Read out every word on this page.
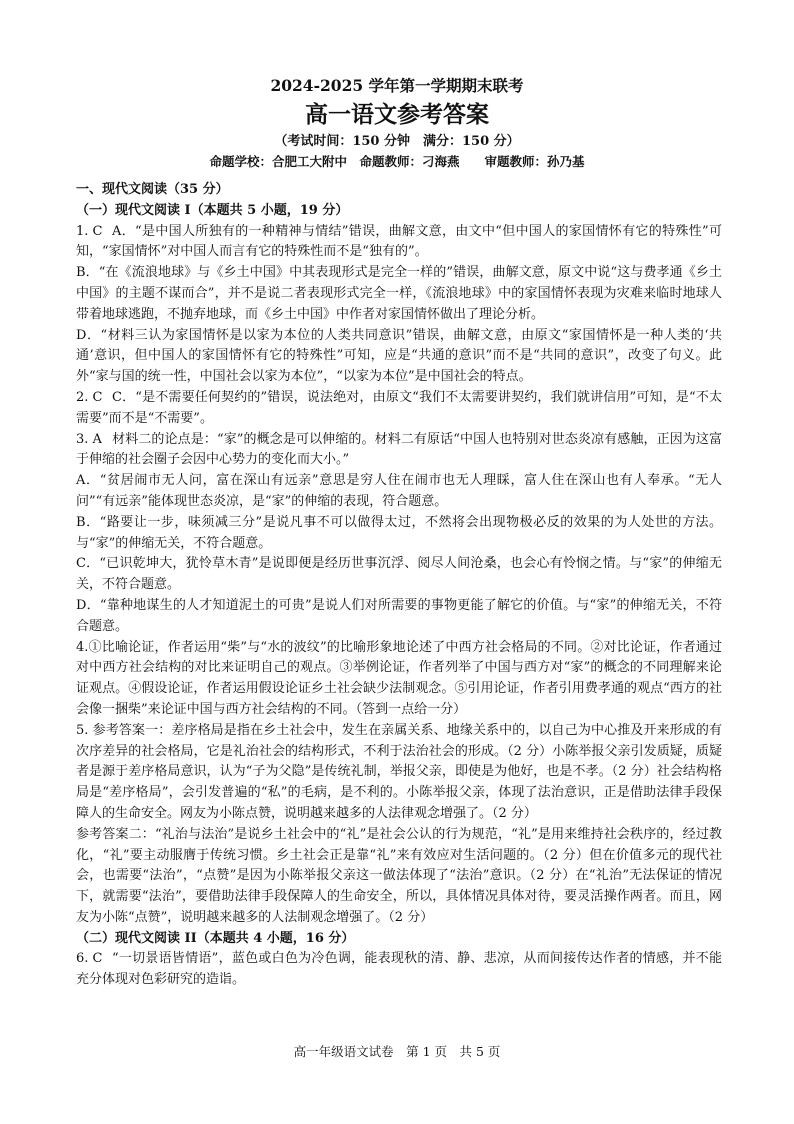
2024-2025 学年第一学期期末联考

高一语文参考答案

（考试时间：150 分钟　满分：150 分）

命题学校：合肥工大附中　命题教师：刁海燕　　审题教师：孙乃基

一、现代文阅读（35 分）

（一）现代文阅读 I（本题共 5 小题，19 分）

1. C A．“是中国人所独有的一种精神与情结”错误，曲解文意，由文中“但中国人的家国情怀有它的特殊性”可知，“家国情怀”对中国人而言有它的特殊性而不是“独有的”。

B．“在《流浪地球》与《乡土中国》中其表现形式是完全一样的”错误，曲解文意，原文中说“这与费孝通《乡土中国》的主题不谋而合”，并不是说二者表现形式完全一样，《流浪地球》中的家国情怀表现为灾难来临时地球人带着地球逃跑，不抛弃地球，而《乡土中国》中作者对家国情怀做出了理论分析。

D．“材料三认为家国情怀是以家为本位的人类共同意识”错误，曲解文意，由原文“家国情怀是一种人类的‘共通’意识，但中国人的家国情怀有它的特殊性”可知，应是“共通的意识”而不是“共同的意识”，改变了句义。此外“家与国的统一性，中国社会以家为本位”，“以家为本位”是中国社会的特点。

2. C C．“是不需要任何契约的”错误，说法绝对，由原文“我们不太需要讲契约，我们就讲信用”可知，是“不太需要”而不是“不需要”。

3. A 材料二的论点是：“家”的概念是可以伸缩的。材料二有原话“中国人也特别对世态炎凉有感触，正因为这富于伸缩的社会圈子会因中心势力的变化而大小。”

A．“贫居闹市无人问，富在深山有远亲”意思是穷人住在闹市也无人理睬，富人住在深山也有人奉承。“无人问”“有远亲”能体现世态炎凉，是“家”的伸缩的表现，符合题意。

B．“路要让一步，味须减三分”是说凡事不可以做得太过，不然将会出现物极必反的效果的为人处世的方法。与“家”的伸缩无关，不符合题意。

C．“已识乾坤大，犹怜草木青”是说即便是经历世事沉浮、阅尽人间沧桑，也会心有怜悯之情。与“家”的伸缩无关，不符合题意。

D．“靠种地谋生的人才知道泥土的可贵”是说人们对所需要的事物更能了解它的价值。与“家”的伸缩无关，不符合题意。

4.①比喻论证，作者运用“柴”与“水的波纹”的比喻形象地论述了中西方社会格局的不同。②对比论证，作者通过对中西方社会结构的对比来证明自己的观点。③举例论证，作者列举了中国与西方对“家”的概念的不同理解来论证观点。④假设论证，作者运用假设论证乡土社会缺少法制观念。⑤引用论证，作者引用费孝通的观点“西方的社会像一捆柴”来论证中国与西方社会结构的不同。（答到一点给一分）

5. 参考答案一：差序格局是指在乡土社会中，发生在亲属关系、地缘关系中的，以自己为中心推及开来形成的有次序差异的社会格局，它是礼治社会的结构形式，不利于法治社会的形成。（2 分）小陈举报父亲引发质疑，质疑者是源于差序格局意识，认为“子为父隐”是传统礼制，举报父亲，即使是为他好，也是不孝。（2 分）社会结构格局是“差序格局”，会引发普遍的“私”的毛病，是不利的。小陈举报父亲，体现了法治意识，正是借助法律手段保障人的生命安全。网友为小陈点赞，说明越来越多的人法律观念增强了。（2 分）

参考答案二：“礼治与法治”是说乡土社会中的“礼”是社会公认的行为规范，“礼”是用来维持社会秩序的，经过教化，“礼”要主动服膺于传统习惯。乡土社会正是靠“礼”来有效应对生活问题的。（2 分）但在价值多元的现代社会，也需要“法治”，“点赞”是因为小陈举报父亲这一做法体现了“法治”意识。（2 分）在“礼治”无法保证的情况下，就需要“法治”，要借助法律手段保障人的生命安全，所以，具体情况具体对待，要灵活操作两者。而且，网友为小陈“点赞”，说明越来越多的人法制观念增强了。（2 分）

（二）现代文阅读 II（本题共 4 小题，16 分）

6. C “一切景语皆情语”，蓝色或白色为冷色调，能表现秋的清、静、悲凉，从而间接传达作者的情感，并不能充分体现对色彩研究的造诣。

高一年级语文试卷　第 1 页　共 5 页
